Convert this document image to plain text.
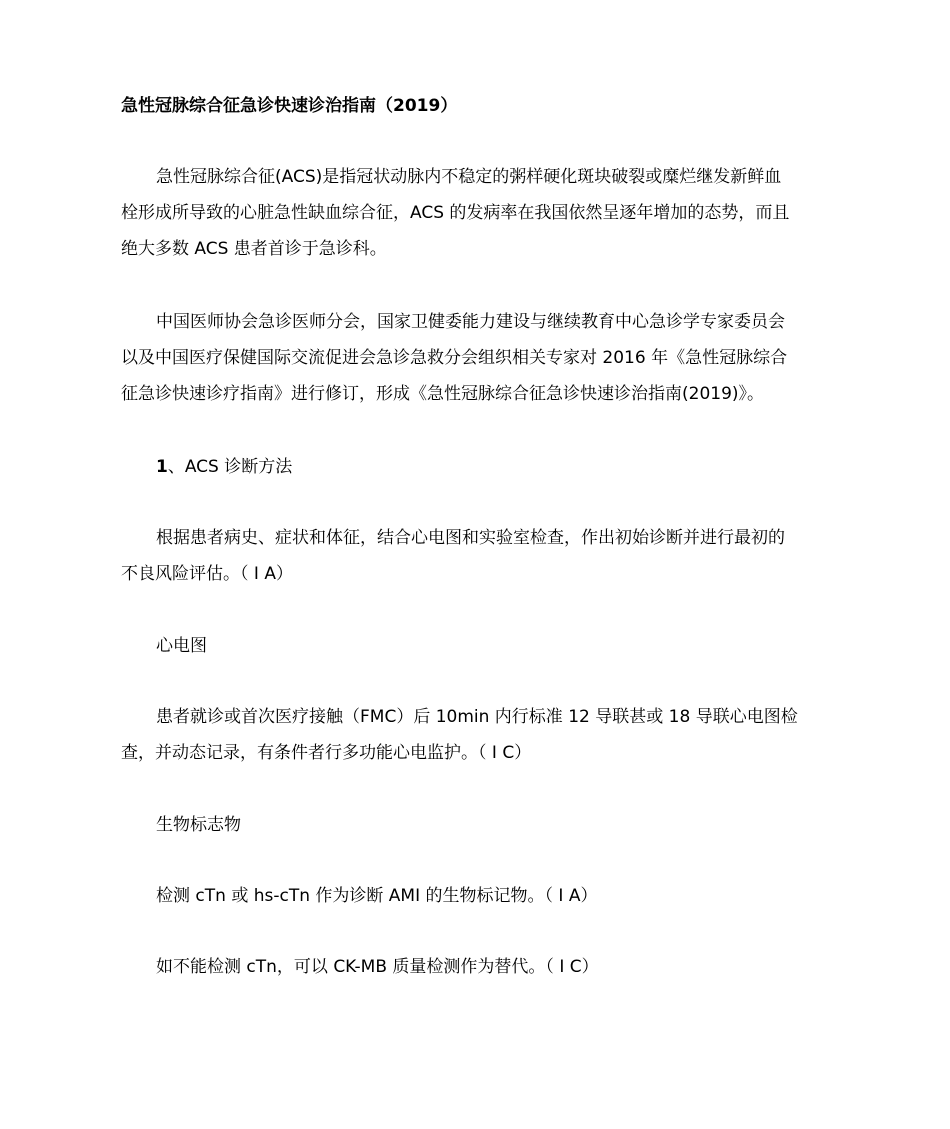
急性冠脉综合征急诊快速诊治指南（2019）

急性冠脉综合征(ACS)是指冠状动脉内不稳定的粥样硬化斑块破裂或糜烂继发新鲜血

栓形成所导致的心脏急性缺血综合征，ACS 的发病率在我国依然呈逐年增加的态势，而且

绝大多数 ACS 患者首诊于急诊科。

中国医师协会急诊医师分会，国家卫健委能力建设与继续教育中心急诊学专家委员会

以及中国医疗保健国际交流促进会急诊急救分会组织相关专家对 2016 年《急性冠脉综合

征急诊快速诊疗指南》进行修订，形成《急性冠脉综合征急诊快速诊治指南(2019)》。

1、ACS 诊断方法

根据患者病史、症状和体征，结合心电图和实验室检查，作出初始诊断并进行最初的

不良风险评估。（ I A）

心电图

患者就诊或首次医疗接触（FMC）后 10min 内行标准 12 导联甚或 18 导联心电图检

查，并动态记录，有条件者行多功能心电监护。（ I C）

生物标志物

检测 cTn 或 hs-cTn 作为诊断 AMI 的生物标记物。（ I A）

如不能检测 cTn，可以 CK-MB 质量检测作为替代。（ I C）
